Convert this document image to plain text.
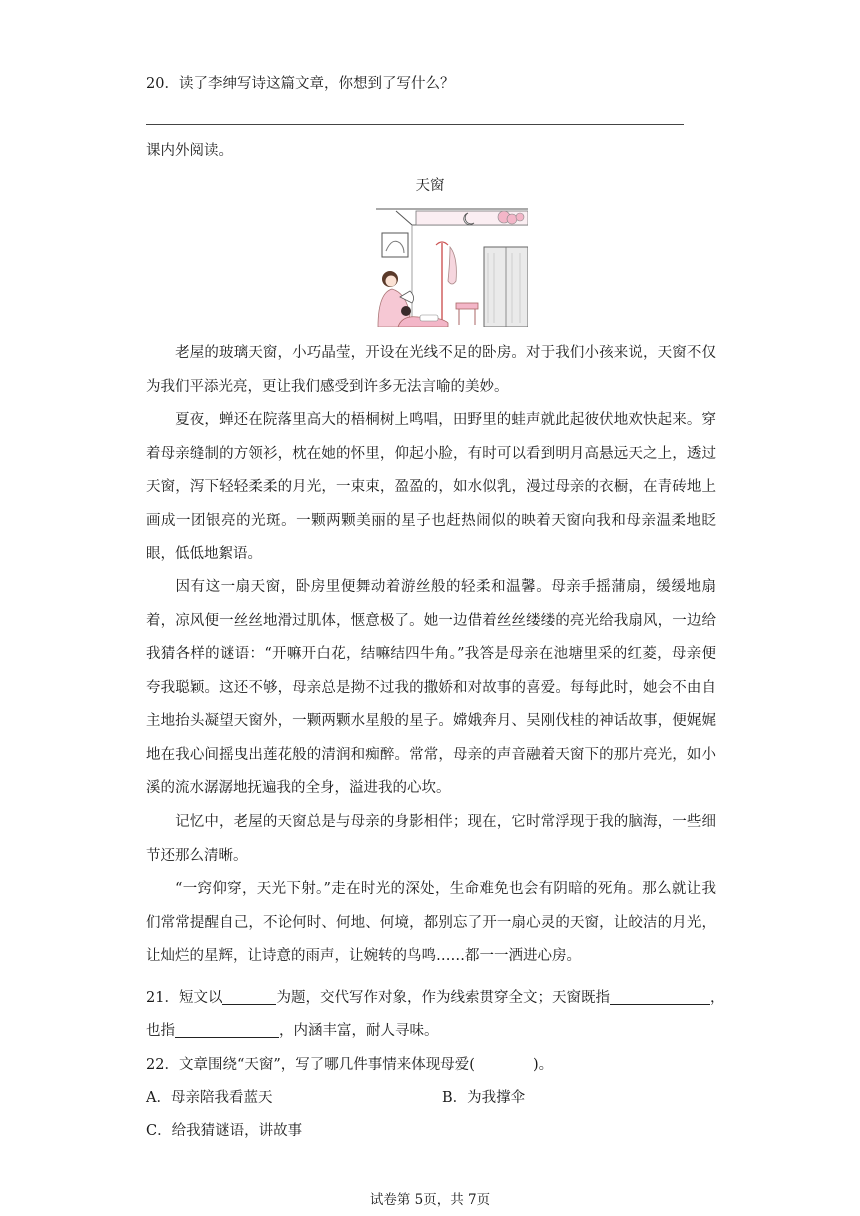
20．读了李绅写诗这篇文章，你想到了写什么？
课内外阅读。
天窗
老屋的玻璃天窗，小巧晶莹，开设在光线不足的卧房。对于我们小孩来说，天窗不仅为我们平添光亮，更让我们感受到许多无法言喻的美妙。
夏夜，蝉还在院落里高大的梧桐树上鸣唱，田野里的蛙声就此起彼伏地欢快起来。穿着母亲缝制的方领衫，枕在她的怀里，仰起小脸，有时可以看到明月高悬远天之上，透过天窗，泻下轻轻柔柔的月光，一束束，盈盈的，如水似乳，漫过母亲的衣橱，在青砖地上画成一团银亮的光斑。一颗两颗美丽的星子也赶热闹似的映着天窗向我和母亲温柔地眨眼，低低地絮语。
因有这一扇天窗，卧房里便舞动着游丝般的轻柔和温馨。母亲手摇蒲扇，缓缓地扇着，凉风便一丝丝地滑过肌体，惬意极了。她一边借着丝丝缕缕的亮光给我扇风，一边给我猜各样的谜语：“开嘛开白花，结嘛结四牛角。”我答是母亲在池塘里采的红菱，母亲便夸我聪颖。这还不够，母亲总是拗不过我的撒娇和对故事的喜爱。每每此时，她会不由自主地抬头凝望天窗外，一颗两颗水星般的星子。嫦娥奔月、吴刚伐桂的神话故事，便娓娓地在我心间摇曳出莲花般的清润和痴醉。常常，母亲的声音融着天窗下的那片亮光，如小溪的流水潺潺地抚遍我的全身，溢进我的心坎。
记忆中，老屋的天窗总是与母亲的身影相伴；现在，它时常浮现于我的脑海，一些细节还那么清晰。
“一窍仰穿，天光下射。”走在时光的深处，生命难免也会有阴暗的死角。那么就让我们常常提醒自己，不论何时、何地、何境，都别忘了开一扇心灵的天窗，让皎洁的月光，让灿烂的星辉，让诗意的雨声，让婉转的鸟鸣……都一一洒进心房。
21．短文以	为题，交代写作对象，作为线索贯穿全文；天窗既指	，
也指	，内涵丰富，耐人寻味。
22．文章围绕“天窗”，写了哪几件事情来体现母爱(	)。
A．母亲陪我看蓝天	B．为我撑伞
C．给我猜谜语，讲故事
试卷第 5页，共 7页
